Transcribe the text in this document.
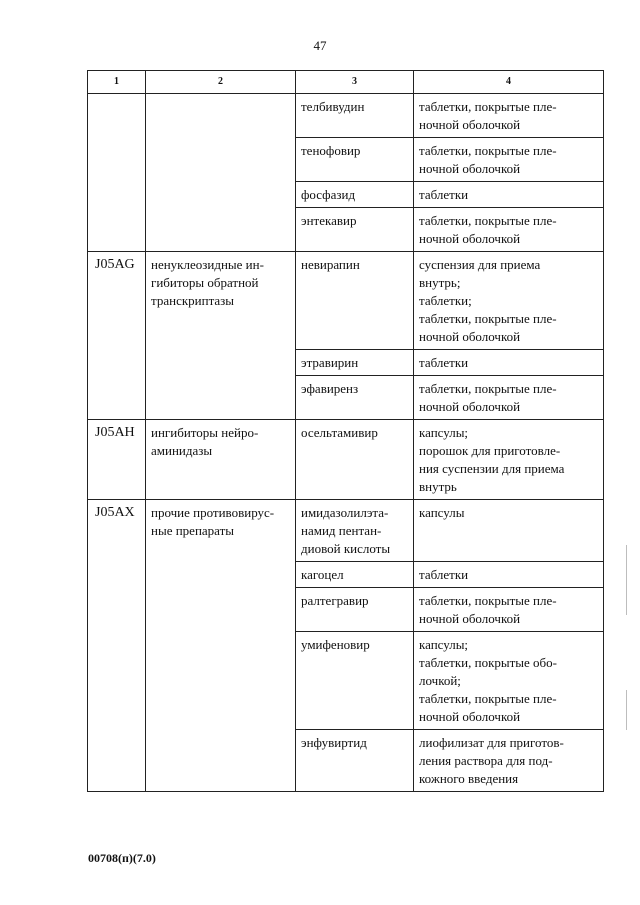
47
1	2	3	4
		телбивудин	таблетки, покрытые пле-
ночной оболочкой
		тенофовир	таблетки, покрытые пле-
ночной оболочкой
		фосфазид	таблетки
		энтекавир	таблетки, покрытые пле-
ночной оболочкой
J05AG	ненуклеозидные ин-
гибиторы обратной
транскриптазы	невирапин	суспензия для приема
внутрь;
таблетки;
таблетки, покрытые пле-
ночной оболочкой
		этравирин	таблетки
		эфавиренз	таблетки, покрытые пле-
ночной оболочкой
J05AH	ингибиторы нейро-
аминидазы	осельтамивир	капсулы;
порошок для приготовле-
ния суспензии для приема
внутрь
J05AX	прочие противовирус-
ные препараты	имидазолилэта-
намид пентан-
диовой кислоты	капсулы
		кагоцел	таблетки
		ралтегравир	таблетки, покрытые пле-
ночной оболочкой
		умифеновир	капсулы;
таблетки, покрытые обо-
лочкой;
таблетки, покрытые пле-
ночной оболочкой
		энфувиртид	лиофилизат для приготов-
ления раствора для под-
кожного введения
00708(п)(7.0)
